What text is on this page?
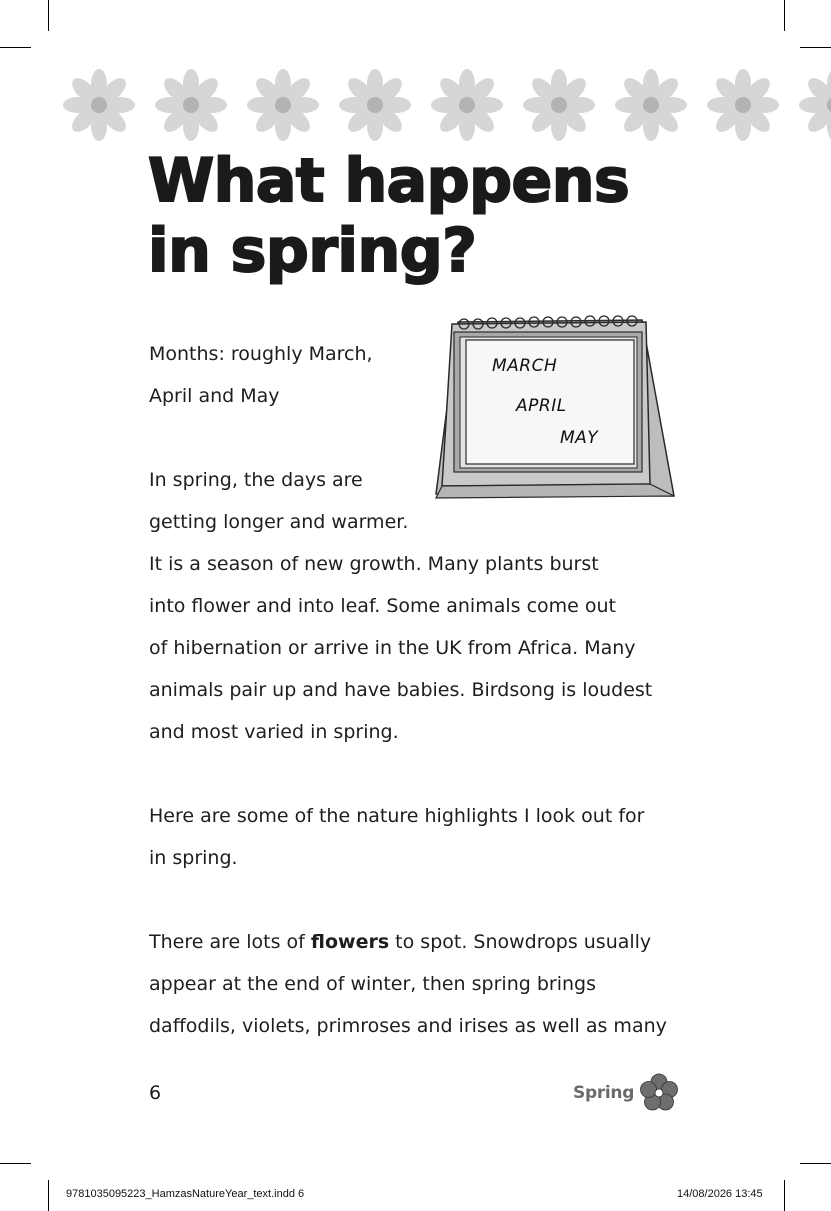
What happens
in spring?

Months: roughly March,
April and May

MARCH
APRIL
MAY

In spring, the days are
getting longer and warmer.
It is a season of new growth. Many plants burst
into flower and into leaf. Some animals come out
of hibernation or arrive in the UK from Africa. Many
animals pair up and have babies. Birdsong is loudest
and most varied in spring.

Here are some of the nature highlights I look out for
in spring.

There are lots of flowers to spot. Snowdrops usually
appear at the end of winter, then spring brings
daffodils, violets, primroses and irises as well as many

6	Spring
9781035095223_HamzasNatureYear_text.indd 6	14/08/2026 13:45
